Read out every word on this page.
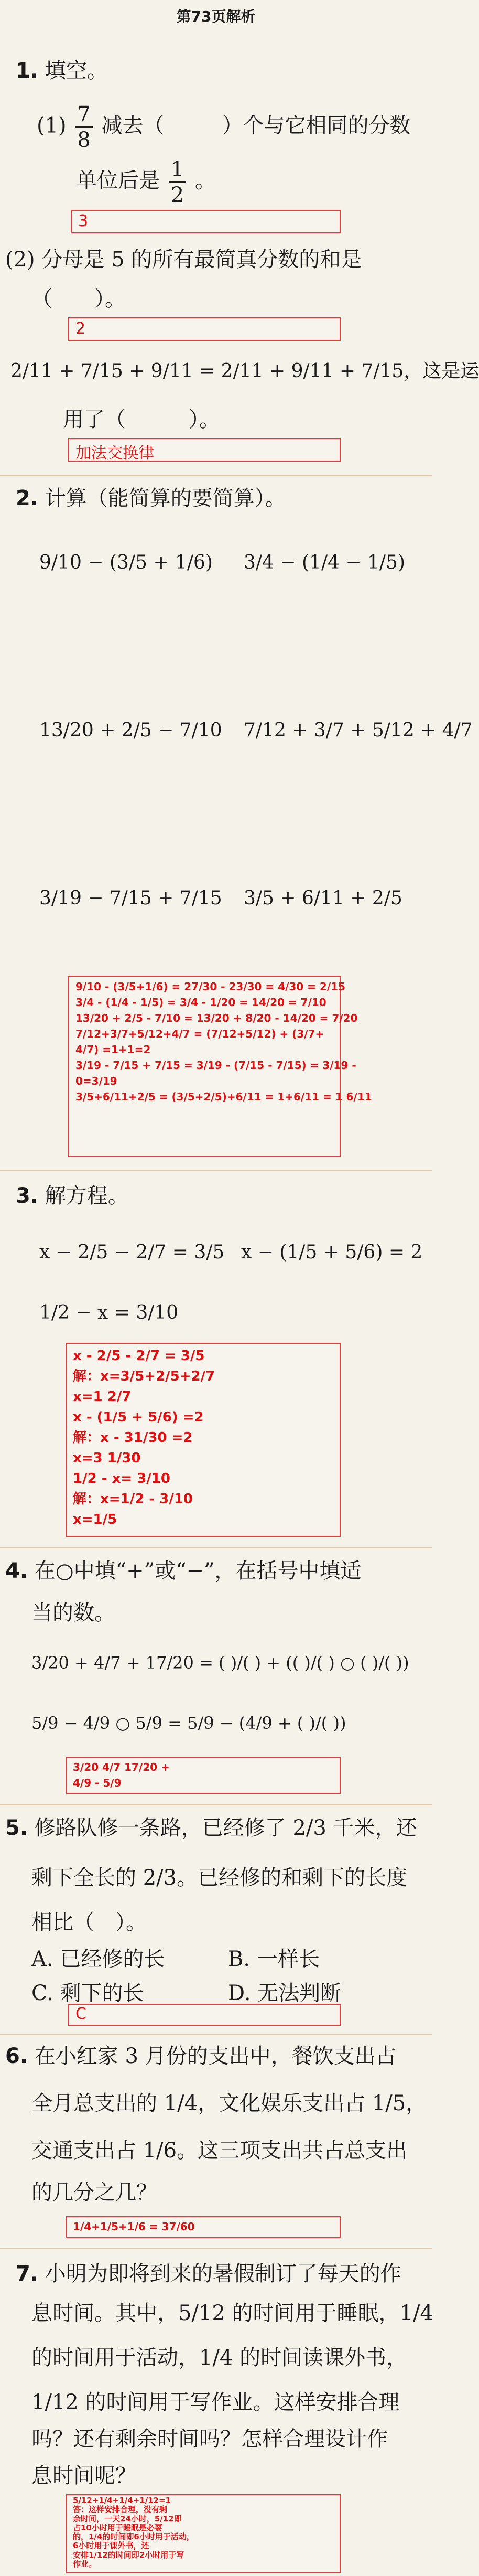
第73页解析
1. 填空。
$(1) \frac{7}{8}$ 减去（	）个与它相同的分数
单位后是 $\frac{1}{2}$ 。
3
(2) 分母是 5 的所有最简真分数的和是
（　　）。
2
2/11 + 7/15 + 9/11 = 2/11 + 9/11 + 7/15，这是运
用了（　　　）。
加法交换律
2. 计算（能简算的要简算）。
9/10 − (3/5 + 1/6) 3/4 − (1/4 − 1/5)
13/20 + 2/5 − 7/10 7/12 + 3/7 + 5/12 + 4/7
3/19 − 7/15 + 7/15 3/5 + 6/11 + 2/5
9/10 - (3/5+1/6) = 27/30 - 23/30 = 4/30 = 2/15
3/4 - (1/4 - 1/5) = 3/4 - 1/20 = 14/20 = 7/10
13/20 + 2/5 - 7/10 = 13/20 + 8/20 - 14/20 = 7/20
7/12+3/7+5/12+4/7 = (7/12+5/12) + (3/7+
4/7) =1+1=2
3/19 - 7/15 + 7/15 = 3/19 - (7/15 - 7/15) = 3/19 -
0=3/19
3/5+6/11+2/5 = (3/5+2/5)+6/11 = 1+6/11 = 1 6/11
3. 解方程。
x − 2/5 − 2/7 = 3/5 x − (1/5 + 5/6) = 2
1/2 − x = 3/10
x - 2/5 - 2/7 = 3/5
解：x=3/5+2/5+2/7
x=1 2/7
x - (1/5 + 5/6) =2
解：x - 31/30 =2
x=3 1/30
1/2 - x= 3/10
解：x=1/2 - 3/10
x=1/5
4. 在○中填“+”或“−”，在括号中填适
当的数。
3/20 + 4/7 + 17/20 = ( )/( ) + (( )/( ) ○ ( )/( ))
5/9 − 4/9 ○ 5/9 = 5/9 − (4/9 + ( )/( ))
3/20 4/7 17/20 +
4/9 - 5/9
5. 修路队修一条路，已经修了 2/3 千米，还
剩下全长的 2/3。已经修的和剩下的长度
相比（　）。
A. 已经修的长	B. 一样长
C. 剩下的长	D. 无法判断
C
6. 在小红家 3 月份的支出中，餐饮支出占
全月总支出的 1/4，文化娱乐支出占 1/5，
交通支出占 1/6。这三项支出共占总支出
的几分之几？
1/4+1/5+1/6 = 37/60
7. 小明为即将到来的暑假制订了每天的作
息时间。其中，5/12 的时间用于睡眠，1/4
的时间用于活动，1/4 的时间读课外书，
1/12 的时间用于写作业。这样安排合理
吗？还有剩余时间吗？怎样合理设计作
息时间呢？
5/12+1/4+1/4+1/12=1
答：这样安排合理，没有剩
余时间，一天24小时，5/12即
占10小时用于睡眠是必要
的，1/4的时间即6小时用于活动，
6小时用于课外书，还
安排1/12的时间即2小时用于写
作业。
